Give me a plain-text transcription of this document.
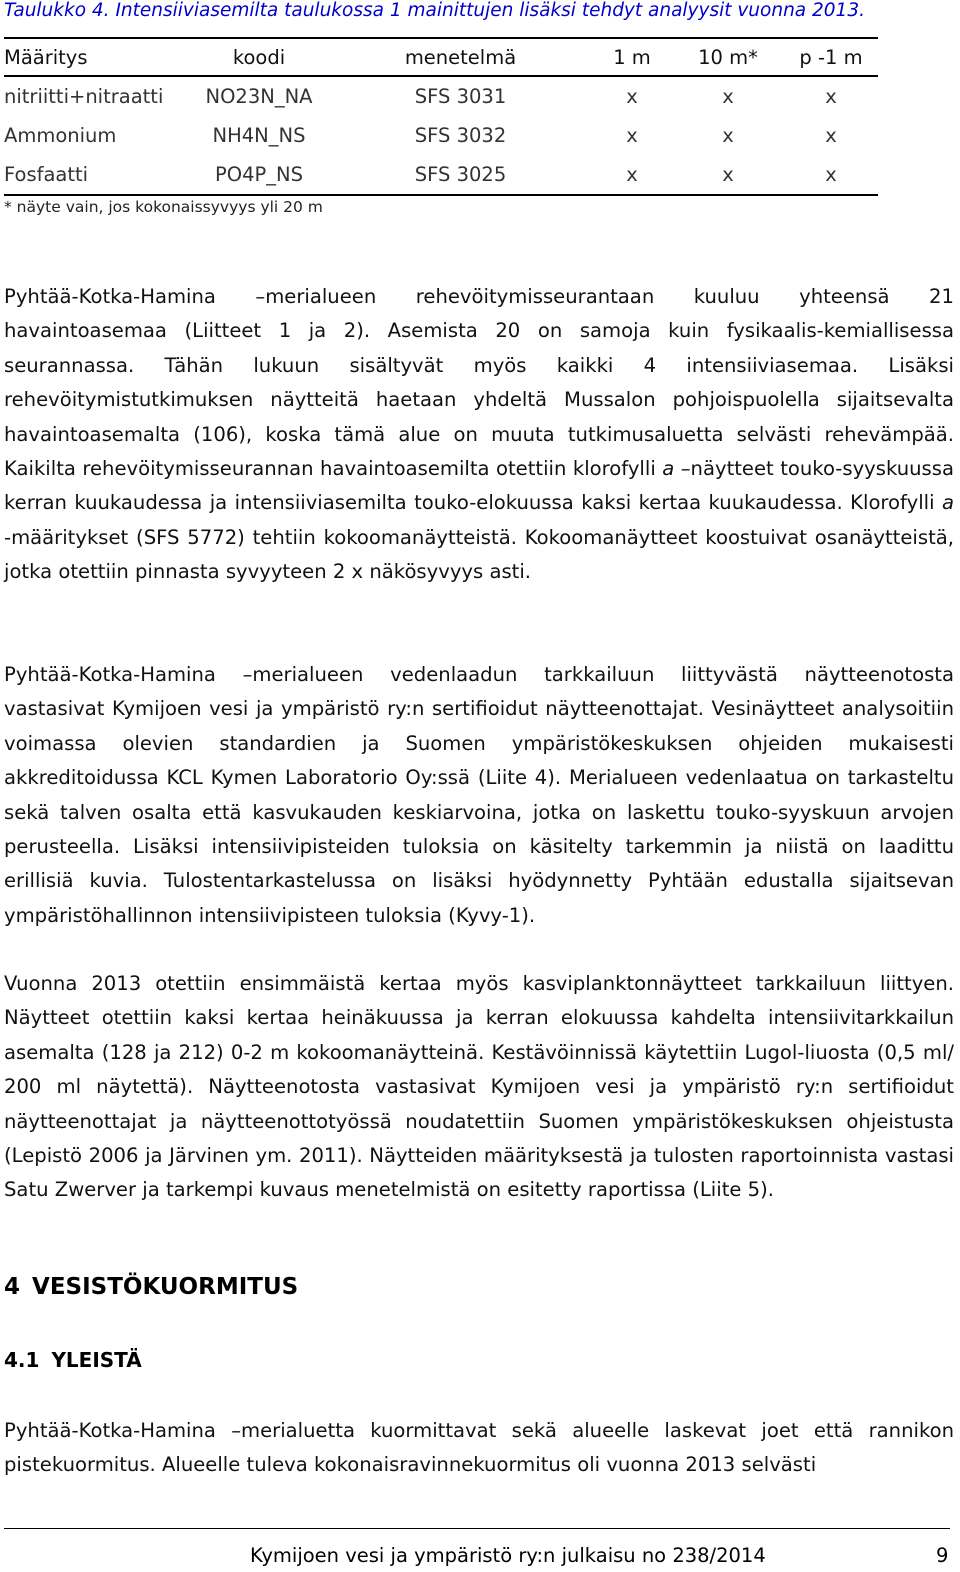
Taulukko 4. Intensiiviasemilta taulukossa 1 mainittujen lisäksi tehdyt analyysit vuonna 2013.
Määritys	koodi	menetelmä	1 m	10 m*	p -1 m
nitriitti+nitraatti	NO23N_NA	SFS 3031	x	x	x
Ammonium	NH4N_NS	SFS 3032	x	x	x
Fosfaatti	PO4P_NS	SFS 3025	x	x	x
* näyte vain, jos kokonaissyvyys yli 20 m

Pyhtää-Kotka-Hamina –merialueen rehevöitymisseurantaan kuuluu yhteensä 21 havaintoasemaa (Liitteet 1 ja 2). Asemista 20 on samoja kuin fysikaalis-kemiallisessa seurannassa. Tähän lukuun sisältyvät myös kaikki 4 intensiiviasemaa. Lisäksi rehevöitymistutkimuksen näytteitä haetaan yhdeltä Mussalon pohjoispuolella sijaitsevalta havaintoasemalta (106), koska tämä alue on muuta tutkimusaluetta selvästi rehevämpää. Kaikilta rehevöitymisseurannan havaintoasemilta otettiin klorofylli a –näytteet touko-syyskuussa kerran kuukaudessa ja intensiiviasemilta touko-elokuussa kaksi kertaa kuukaudessa. Klorofylli a -määritykset (SFS 5772) tehtiin kokoomanäytteistä. Kokoomanäytteet koostuivat osanäytteistä, jotka otettiin pinnasta syvyyteen 2 x näkösyvyys asti.

Pyhtää-Kotka-Hamina –merialueen vedenlaadun tarkkailuun liittyvästä näytteenotosta vastasivat Kymijoen vesi ja ympäristö ry:n sertifioidut näytteenottajat. Vesinäytteet analysoitiin voimassa olevien standardien ja Suomen ympäristökeskuksen ohjeiden mukaisesti akkreditoidussa KCL Kymen Laboratorio Oy:ssä (Liite 4). Merialueen vedenlaatua on tarkasteltu sekä talven osalta että kasvukauden keskiarvoina, jotka on laskettu touko-syyskuun arvojen perusteella. Lisäksi intensiivipisteiden tuloksia on käsitelty tarkemmin ja niistä on laadittu erillisiä kuvia. Tulostentarkastelussa on lisäksi hyödynnetty Pyhtään edustalla sijaitsevan ympäristöhallinnon intensiivipisteen tuloksia (Kyvy-1).

Vuonna 2013 otettiin ensimmäistä kertaa myös kasviplanktonnäytteet tarkkailuun liittyen. Näytteet otettiin kaksi kertaa heinäkuussa ja kerran elokuussa kahdelta intensiivitarkkailun asemalta (128 ja 212) 0-2 m kokoomanäytteinä. Kestävöinnissä käytettiin Lugol-liuosta (0,5 ml/ 200 ml näytettä). Näytteenotosta vastasivat Kymijoen vesi ja ympäristö ry:n sertifioidut näytteenottajat ja näytteenottotyössä noudatettiin Suomen ympäristökeskuksen ohjeistusta (Lepistö 2006 ja Järvinen ym. 2011). Näytteiden määrityksestä ja tulosten raportoinnista vastasi Satu Zwerver ja tarkempi kuvaus menetelmistä on esitetty raportissa (Liite 5).

4 VESISTÖKUORMITUS
4.1 YLEISTÄ

Pyhtää-Kotka-Hamina –merialuetta kuormittavat sekä alueelle laskevat joet että rannikon pistekuormitus. Alueelle tuleva kokonaisravinnekuormitus oli vuonna 2013 selvästi

Kymijoen vesi ja ympäristö ry:n julkaisu no 238/2014	9
